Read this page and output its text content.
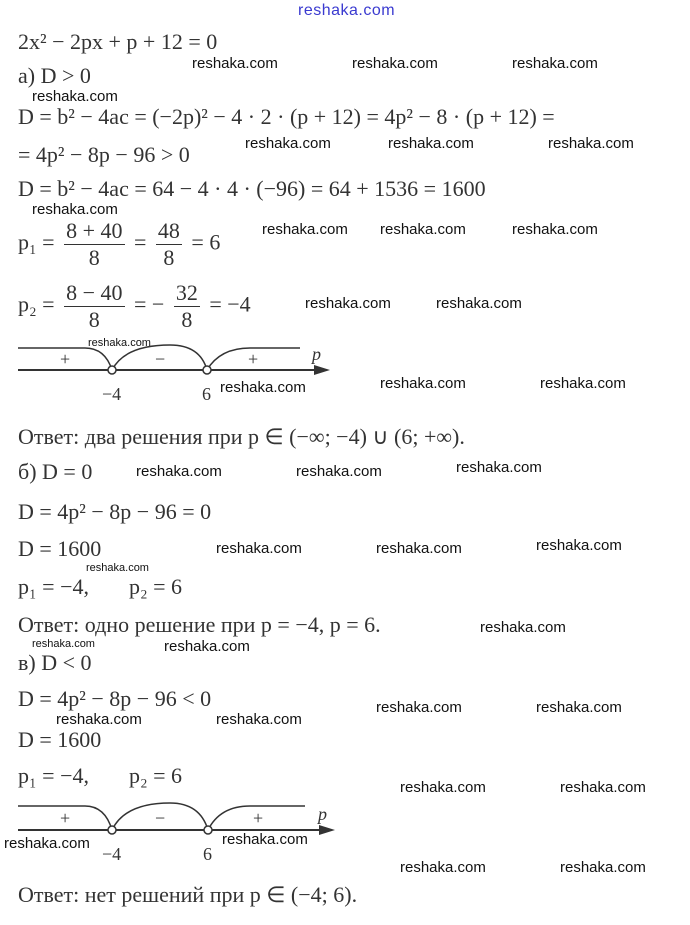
reshaka.com
2x² − 2px + p + 12 = 0
а) D > 0
D = b² − 4ac = (−2p)² − 4 · 2 · (p + 12) = 4p² − 8 · (p + 12) =
= 4p² − 8p − 96 > 0
D = b² − 4ac = 64 − 4 · 4 · (−96) = 64 + 1536 = 1600
$p_1 = \frac{8 + 40}{8} = \frac{48}{8} = 6$
$p_2 = \frac{8 - 40}{8}$ = − $\frac{32}{8} = -4$
+	−	+	p
−4	6
Ответ: два решения при p ∈ (−∞; −4) ∪ (6; +∞).
б) D = 0
D = 4p² − 8p − 96 = 0
D = 1600
p₁ = −4, p₂ = 6
Ответ: одно решение при p = −4, p = 6.
в) D < 0
D = 4p² − 8p − 96 < 0
D = 1600
p₁ = −4, p₂ = 6
+	−	+	p
−4	6
Ответ: нет решений при p ∈ (−4; 6).
reshaka.com	reshaka.com	reshaka.com
reshaka.com
reshaka.com	reshaka.com	reshaka.com
reshaka.com
reshaka.com reshaka.com	reshaka.com
reshaka.com	reshaka.com
reshaka.com
reshaka.com	reshaka.com	reshaka.com
reshaka.com	reshaka.com	reshaka.com
reshaka.com	reshaka.com	reshaka.com
reshaka.com
reshaka.com
reshaka.com	reshaka.com
reshaka.com	reshaka.com
reshaka.com	reshaka.com
reshaka.com	reshaka.com
reshaka.com	reshaka.com
reshaka.com	reshaka.com
